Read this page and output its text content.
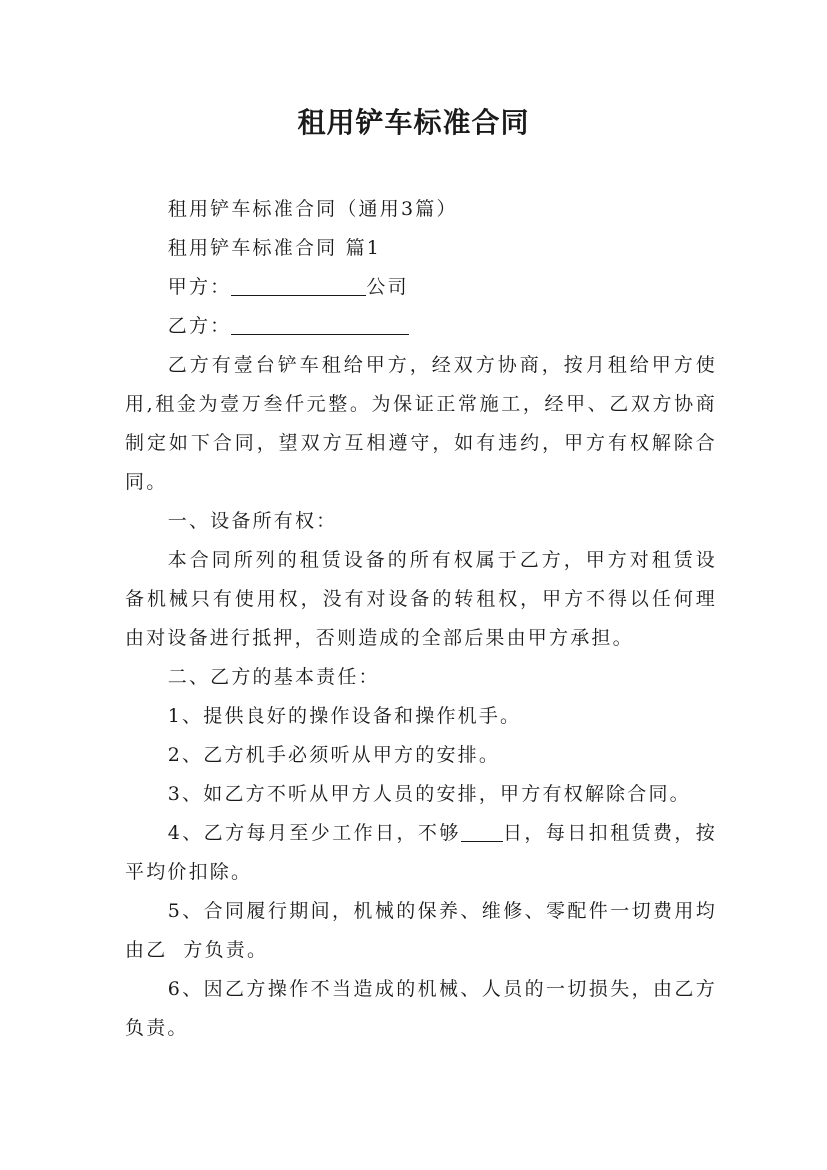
租用铲车标准合同

租用铲车标准合同（通用3篇）

租用铲车标准合同 篇1

甲方：	公司

乙方：

乙方有壹台铲车租给甲方，经双方协商，按月租给甲方使用,租金为壹万叁仟元整。为保证正常施工，经甲、乙双方协商制定如下合同，望双方互相遵守，如有违约，甲方有权解除合同。

一、设备所有权：

本合同所列的租赁设备的所有权属于乙方，甲方对租赁设备机械只有使用权，没有对设备的转租权，甲方不得以任何理由对设备进行抵押，否则造成的全部后果由甲方承担。

二、乙方的基本责任：

1、提供良好的操作设备和操作机手。

2、乙方机手必须听从甲方的安排。

3、如乙方不听从甲方人员的安排，甲方有权解除合同。

4、乙方每月至少工作日，不够 日，每日扣租赁费，按平均价扣除。

5、合同履行期间，机械的保养、维修、零配件一切费用均由乙 方负责。

6、因乙方操作不当造成的机械、人员的一切损失，由乙方负责。
